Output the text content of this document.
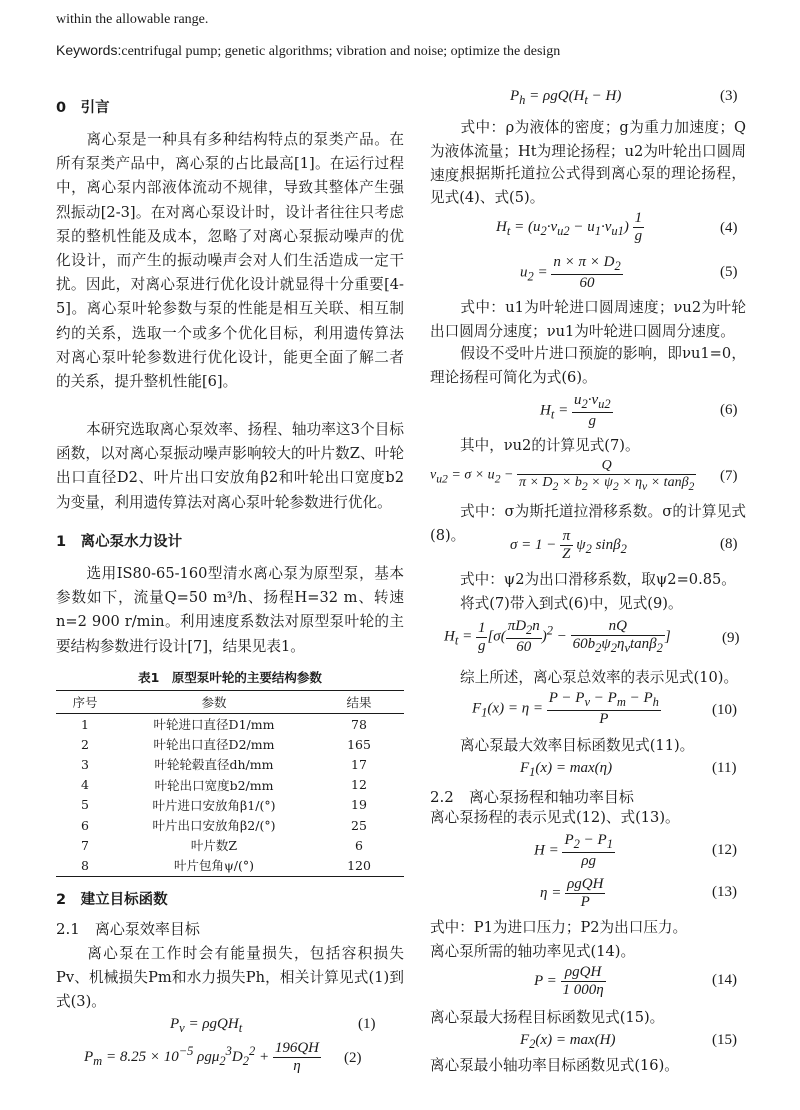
within the allowable range.
Keywords:centrifugal pump; genetic algorithms; vibration and noise; optimize the design
0　引言
离心泵是一种具有多种结构特点的泵类产品。在所有泵类产品中，离心泵的占比最高[1]。在运行过程中，离心泵内部液体流动不规律，导致其整体产生强烈振动[2-3]。在对离心泵设计时，设计者往往只考虑泵的整机性能及成本，忽略了对离心泵振动噪声的优化设计，而产生的振动噪声会对人们生活造成一定干扰。因此，对离心泵进行优化设计就显得十分重要[4-5]。离心泵叶轮参数与泵的性能是相互关联、相互制约的关系，选取一个或多个优化目标，利用遗传算法对离心泵叶轮参数进行优化设计，能更全面了解二者的关系，提升整机性能[6]。
本研究选取离心泵效率、扬程、轴功率这3个目标函数，以对离心泵振动噪声影响较大的叶片数Z、叶轮出口直径D2、叶片出口安放角β2和叶轮出口宽度b2为变量，利用遗传算法对离心泵叶轮参数进行优化。
1　离心泵水力设计
选用IS80-65-160型清水离心泵为原型泵，基本参数如下，流量Q=50 m³/h、扬程H=32 m、转速n=2 900 r/min。利用速度系数法对原型泵叶轮的主要结构参数进行设计[7]，结果见表1。
表1　原型泵叶轮的主要结构参数
序号	参数	结果
1	叶轮进口直径D1/mm	78
2	叶轮出口直径D2/mm	165
3	叶轮轮毂直径dh/mm	17
4	叶轮出口宽度b2/mm	12
5	叶片进口安放角β1/(°)	19
6	叶片出口安放角β2/(°)	25
7	叶片数Z	6
8	叶片包角ψ/(°)	120
2　建立目标函数
2.1　离心泵效率目标
离心泵在工作时会有能量损失，包括容积损失Pv、机械损失Pm和水力损失Ph，相关计算见式(1)到式(3)。
$P_v = \rho gQH_t$	(1)
$P_m = 8.25 \times 10^{-5}$ $\rho g\mu_2^3D_2^2 + \frac{196QH}{\eta} (2)$
$P_h = \rho gQ(H_t - H)$	(3)
式中：ρ为液体的密度；g为重力加速度；Q为液体流量；Ht为理论扬程；u2为叶轮出口圆周速度。
根据斯托道拉公式得到离心泵的理论扬程，见式(4)、式(5)。
$H_t = (u_2\cdot\nu_{u2} - u_1\cdot\nu_{u1}) \frac{1}{g}$	(4)
$u_2 = \frac{n \times \pi \times D_2}{60}$	(5)
式中：u1为叶轮进口圆周速度；νu2为叶轮出口圆周分速度；νu1为叶轮进口圆周分速度。
假设不受叶片进口预旋的影响，即νu1=0，理论扬程可简化为式(6)。
$H_t = \frac{u_2\cdot\nu_{u2}}{g}$	(6)
其中，νu2的计算见式(7)。
$\nu_{u2} = \sigma \times u_2 - \frac{Q}{\pi \times D_2 \times b_2 \times \psi_2 \times \eta_v \times \tan\beta_2} (7)$
式中：σ为斯托道拉滑移系数。σ的计算见式(8)。
$\sigma = 1 - \frac{\pi}{Z} \psi_2$ sinβ$_2$	(8)
式中：ψ2为出口滑移系数，取ψ2=0.85。
将式(7)带入到式(6)中，见式(9)。
$H_t = \frac{1}{g} [\sigma( \frac{\pi D_2n}{60} )^2 - \frac{nQ}{60b_2\psi_2\eta_v\tan\beta_2}$ ]	(9)
综上所述，离心泵总效率的表示见式(10)。
$F_1(x) = \eta = \frac{P - P_v - P_m - P_h}{P}$	(10)
离心泵最大效率目标函数见式(11)。
$F_1(x) = \max(\eta)$	(11)
2.2　离心泵扬程和轴功率目标
离心泵扬程的表示见式(12)、式(13)。
$H = \frac{P_2 - P_1}{\rho g}$	(12)
$\eta = \frac{\text{ρgQH}}{P}$	(13)
式中：P1为进口压力；P2为出口压力。
离心泵所需的轴功率见式(14)。
$P = \frac{\text{ρgQH}}{1 000\eta}$	(14)
离心泵最大扬程目标函数见式(15)。
$F_2(x) = \max(H)$	(15)
离心泵最小轴功率目标函数见式(16)。
